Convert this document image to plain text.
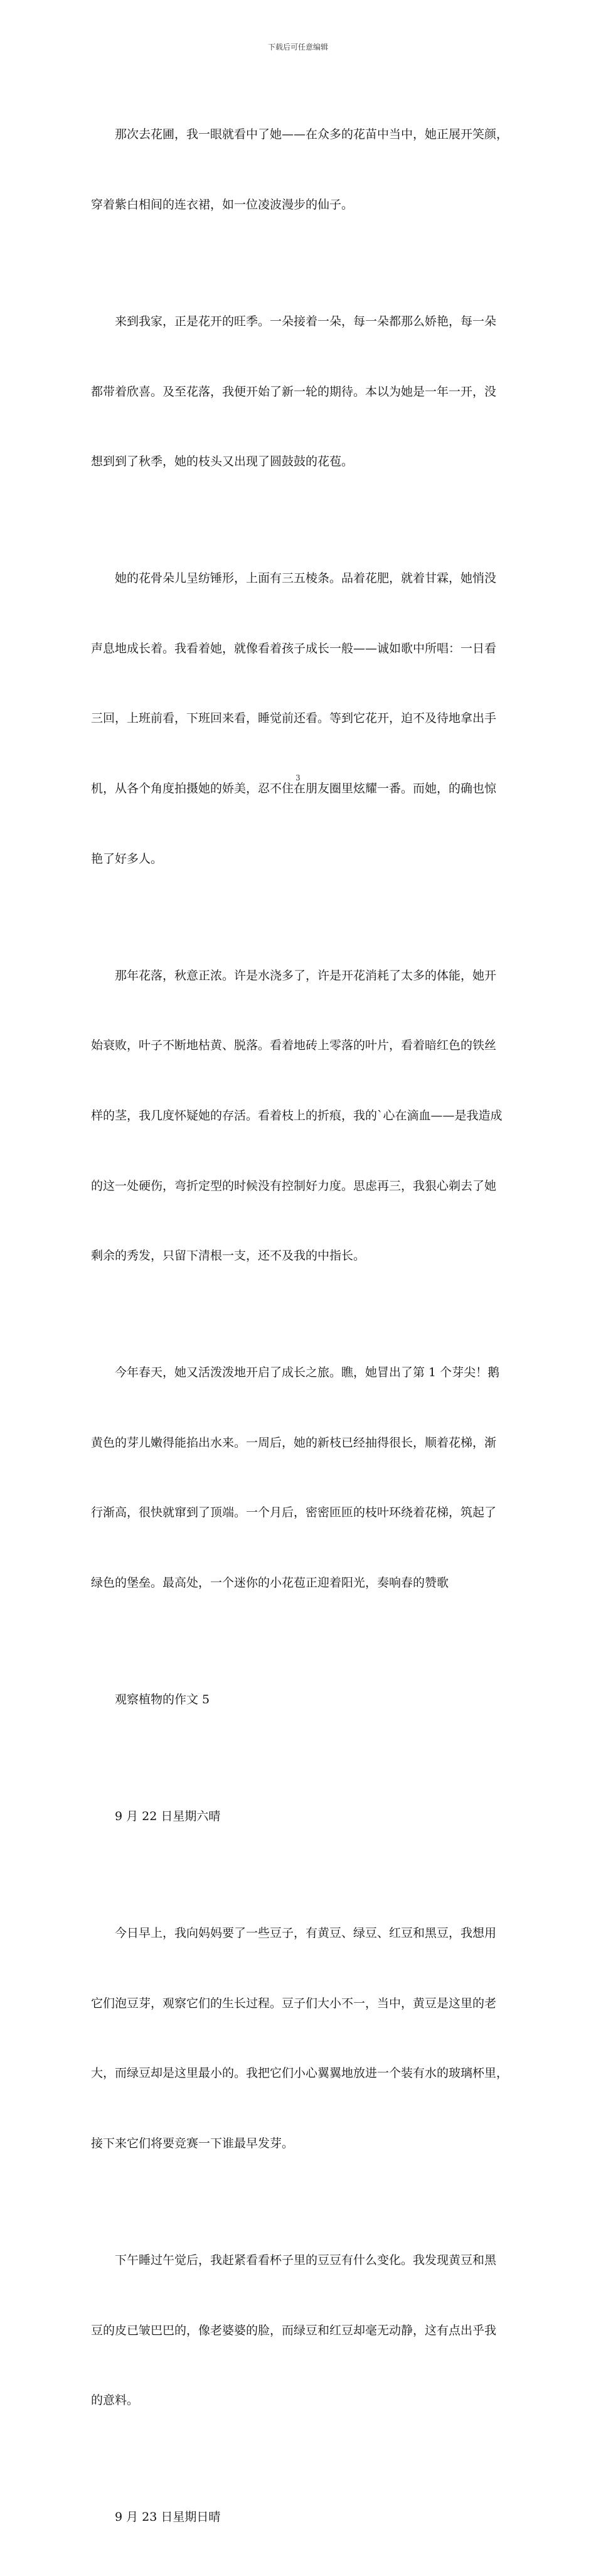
下载后可任意编辑

那次去花圃，我一眼就看中了她——在众多的花苗中当中，她正展开笑颜，

穿着紫白相间的连衣裙，如一位凌波漫步的仙子。

来到我家，正是花开的旺季。一朵接着一朵，每一朵都那么娇艳，每一朵

都带着欣喜。及至花落，我便开始了新一轮的期待。本以为她是一年一开，没

想到到了秋季，她的枝头又出现了圆鼓鼓的花苞。

她的花骨朵儿呈纺锤形，上面有三五棱条。品着花肥，就着甘霖，她悄没

声息地成长着。我看着她，就像看着孩子成长一般——诚如歌中所唱：一日看

三回，上班前看，下班回来看，睡觉前还看。等到它花开，迫不及待地拿出手

机，从各个角度拍摄她的娇美，忍不住在朋友圈里炫耀一番。而她，的确也惊

艳了好多人。

那年花落，秋意正浓。许是水浇多了，许是开花消耗了太多的体能，她开

始衰败，叶子不断地枯黄、脱落。看着地砖上零落的叶片，看着暗红色的铁丝

样的茎，我几度怀疑她的存活。看着枝上的折痕，我的`心在滴血——是我造成

的这一处硬伤，弯折定型的时候没有控制好力度。思虑再三，我狠心剃去了她

剩余的秀发，只留下清根一支，还不及我的中指长。

今年春天，她又活泼泼地开启了成长之旅。瞧，她冒出了第 1 个芽尖！鹅

黄色的芽儿嫩得能掐出水来。一周后，她的新枝已经抽得很长，顺着花梯，渐

行渐高，很快就窜到了顶端。一个月后，密密匝匝的枝叶环绕着花梯，筑起了

绿色的堡垒。最高处，一个迷你的小花苞正迎着阳光，奏响春的赞歌

观察植物的作文 5

9 月 22 日星期六晴

今日早上，我向妈妈要了一些豆子，有黄豆、绿豆、红豆和黑豆，我想用

它们泡豆芽，观察它们的生长过程。豆子们大小不一，当中，黄豆是这里的老

大，而绿豆却是这里最小的。我把它们小心翼翼地放进一个装有水的玻璃杯里，

接下来它们将要竞赛一下谁最早发芽。

下午睡过午觉后，我赶紧看看杯子里的豆豆有什么变化。我发现黄豆和黑

豆的皮已皱巴巴的，像老婆婆的脸，而绿豆和红豆却毫无动静，这有点出乎我

的意料。

9 月 23 日星期日晴

3
